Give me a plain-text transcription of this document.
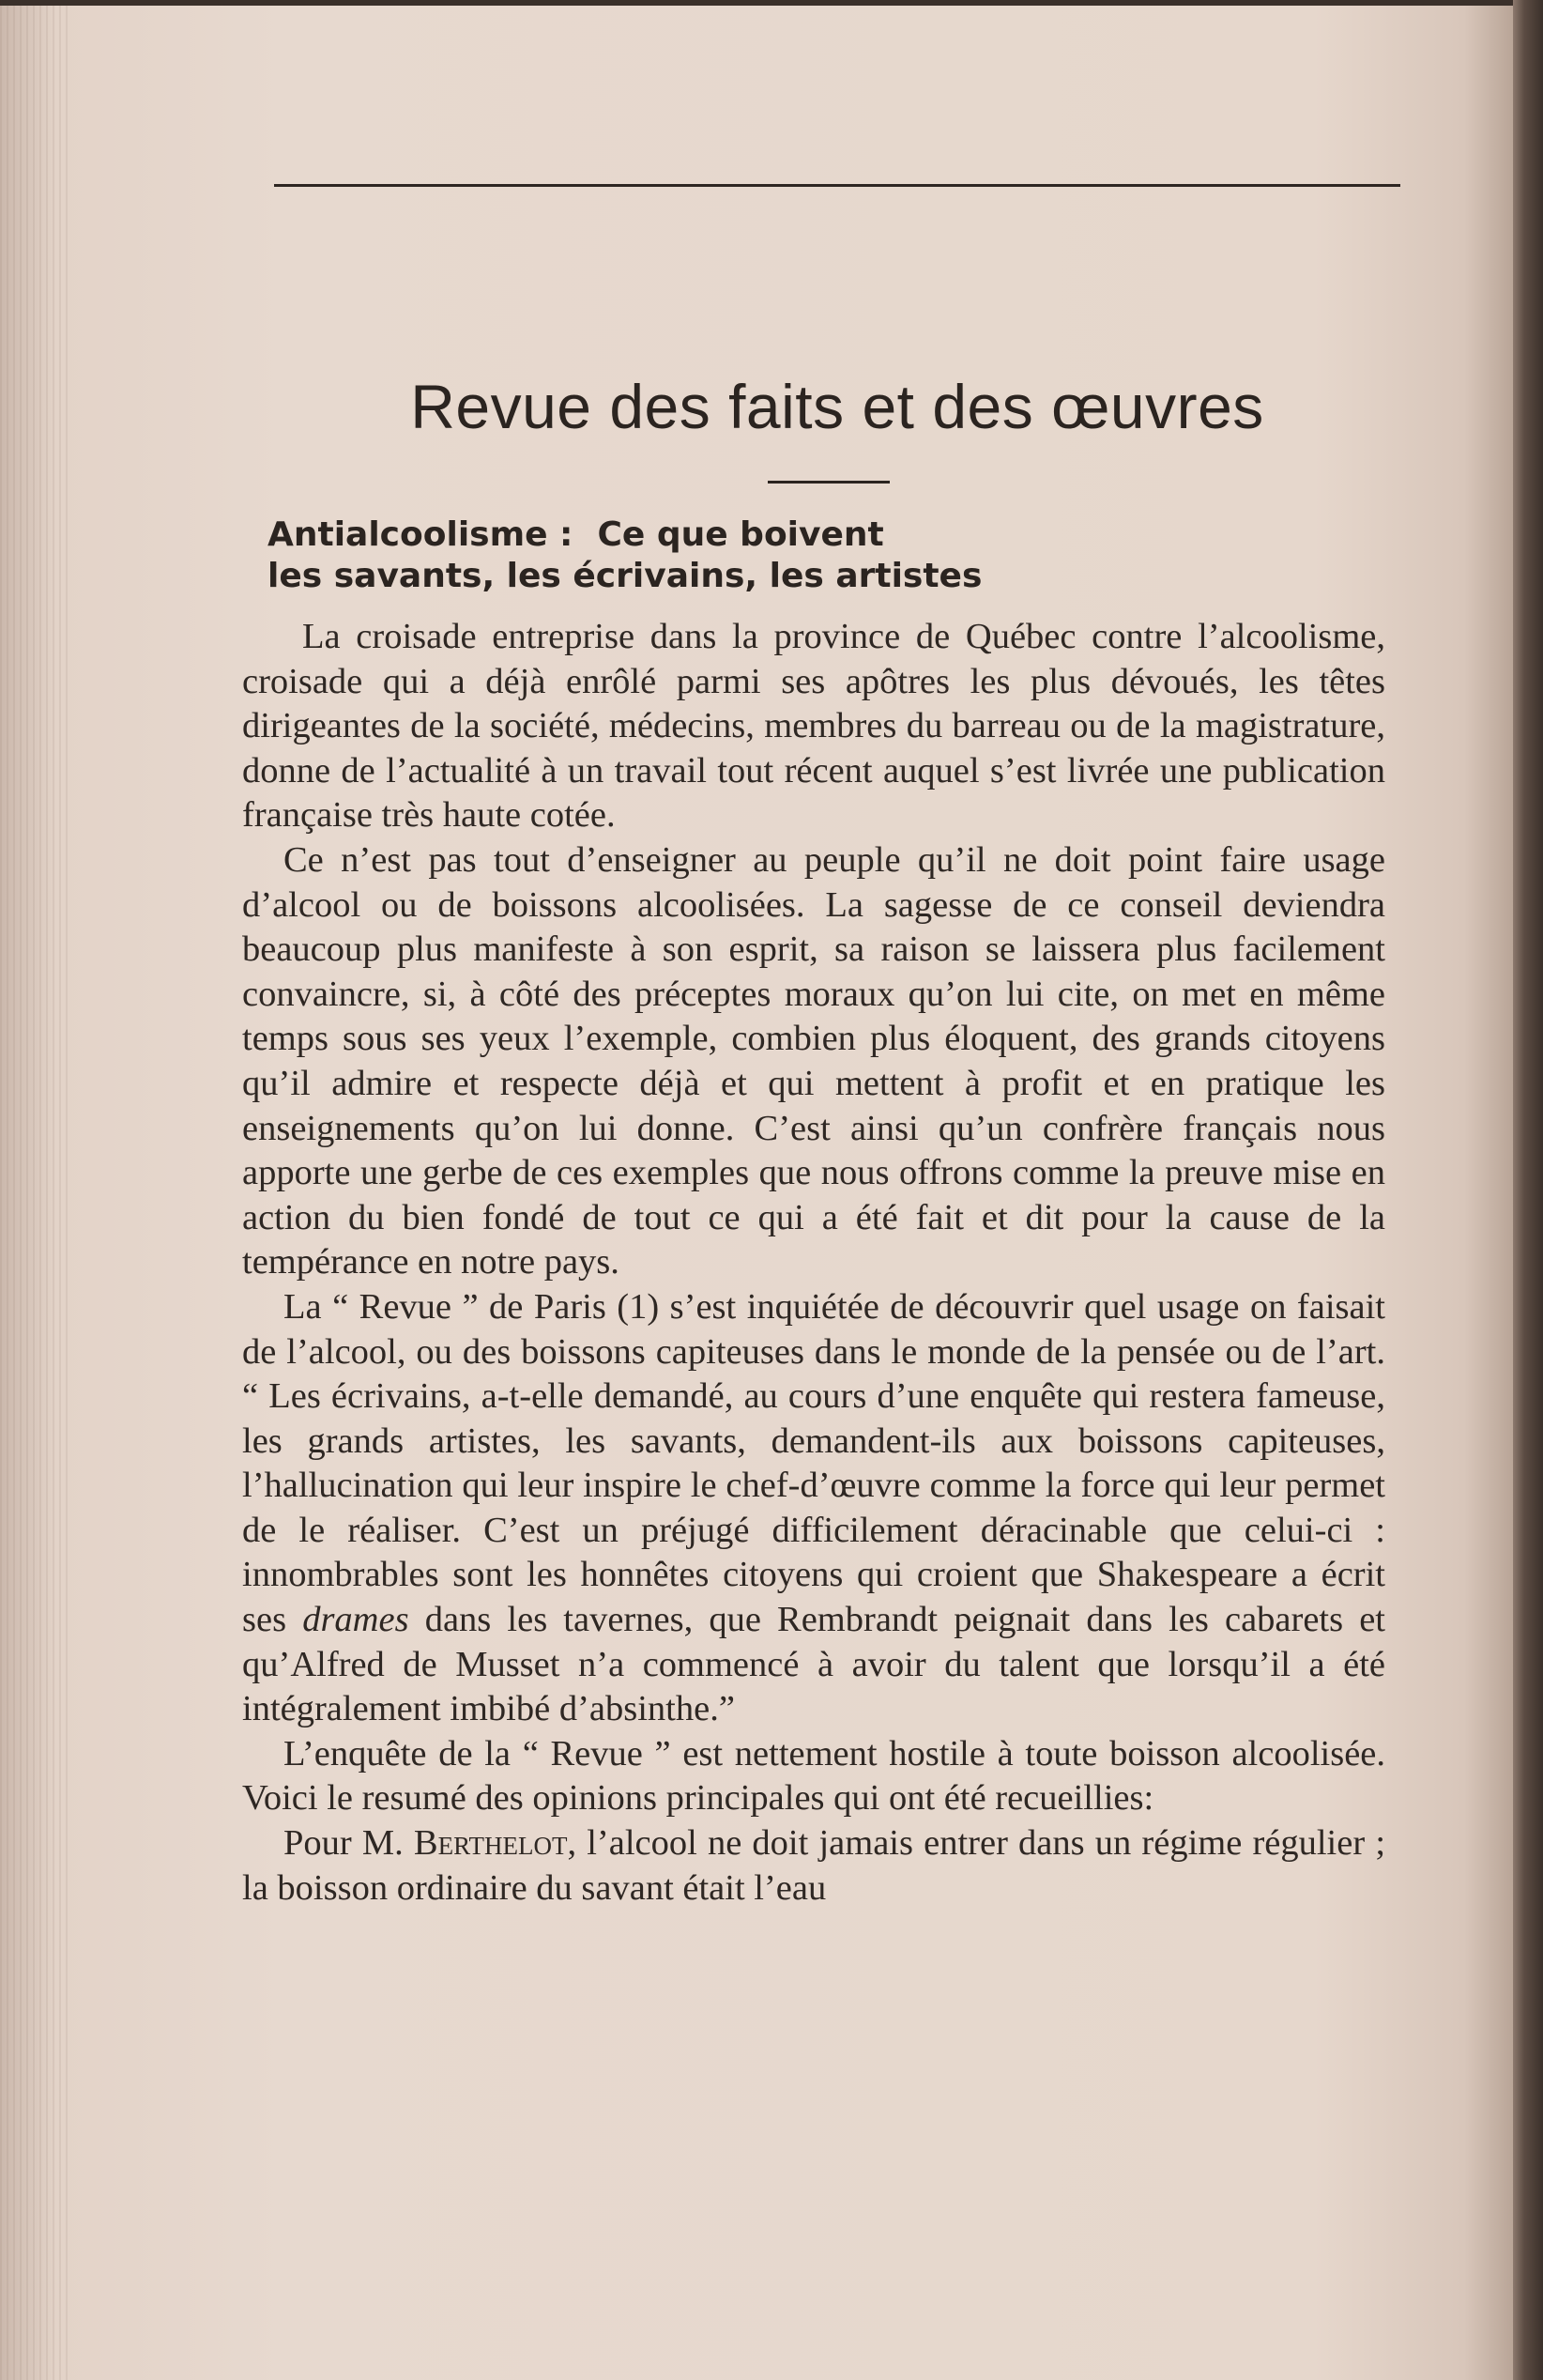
Revue des faits et des œuvres
Antialcoolisme : Ce que boivent
les savants, les écrivains, les artistes

La croisade entreprise dans la province de Québec contre l’alcoolisme, croisade qui a déjà enrôlé parmi ses apôtres les plus dévoués, les têtes dirigeantes de la société, médecins, membres du barreau ou de la magistrature, donne de l’actualité à un travail tout récent auquel s’est livrée une publication française très haute cotée.

Ce n’est pas tout d’enseigner au peuple qu’il ne doit point faire usage d’alcool ou de boissons alcoolisées. La sagesse de ce conseil deviendra beaucoup plus manifeste à son esprit, sa raison se laissera plus facilement convaincre, si, à côté des préceptes moraux qu’on lui cite, on met en même temps sous ses yeux l’exemple, combien plus éloquent, des grands citoyens qu’il admire et respecte déjà et qui mettent à profit et en pratique les enseignements qu’on lui donne. C’est ainsi qu’un confrère français nous apporte une gerbe de ces exemples que nous offrons comme la preuve mise en action du bien fondé de tout ce qui a été fait et dit pour la cause de la tempérance en notre pays.

La “ Revue ” de Paris (1) s’est inquiétée de découvrir quel usage on faisait de l’alcool, ou des boissons capiteuses dans le monde de la pensée ou de l’art. “ Les écrivains, a-t-elle demandé, au cours d’une enquête qui restera fameuse, les grands artistes, les savants, demandent-ils aux boissons capiteuses, l’hallucination qui leur inspire le chef-d’œuvre comme la force qui leur permet de le réaliser. C’est un préjugé difficilement déracinable que celui-ci : innombrables sont les honnêtes citoyens qui croient que Shakespeare a écrit ses drames dans les tavernes, que Rembrandt peignait dans les cabarets et qu’Alfred de Musset n’a commencé à avoir du talent que lorsqu’il a été intégralement imbibé d’absinthe.”

L’enquête de la “ Revue ” est nettement hostile à toute boisson alcoolisée. Voici le resumé des opinions principales qui ont été recueillies:

Pour M. Berthelot, l’alcool ne doit jamais entrer dans un régime régulier ; la boisson ordinaire du savant était l’eau
